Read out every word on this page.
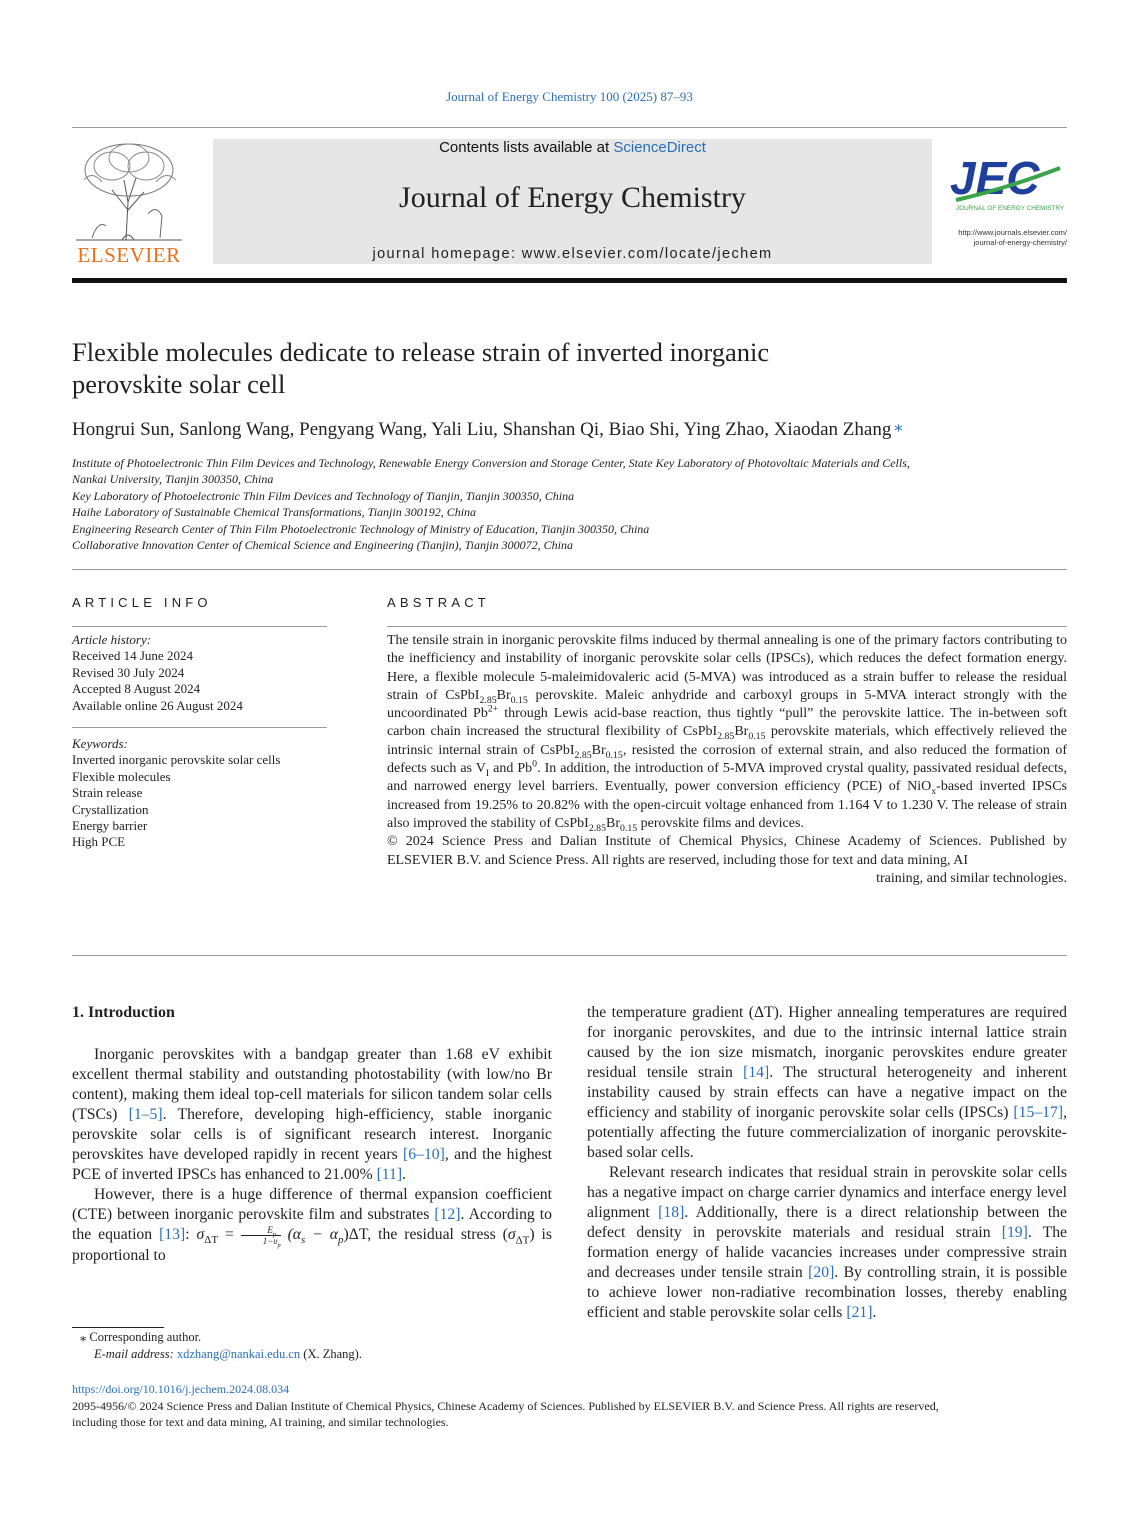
Journal of Energy Chemistry 100 (2025) 87–93
ELSEVIER
Contents lists available at ScienceDirect
Journal of Energy Chemistry
journal homepage: www.elsevier.com/locate/jechem
JEC
JOURNAL OF ENERGY CHEMISTRY
http://www.journals.elsevier.com/
journal-of-energy-chemistry/
Flexible molecules dedicate to release strain of inverted inorganic
perovskite solar cell
Hongrui Sun, Sanlong Wang, Pengyang Wang, Yali Liu, Shanshan Qi, Biao Shi, Ying Zhao, Xiaodan Zhang ⁎
Institute of Photoelectronic Thin Film Devices and Technology, Renewable Energy Conversion and Storage Center, State Key Laboratory of Photovoltaic Materials and Cells,
Nankai University, Tianjin 300350, China
Key Laboratory of Photoelectronic Thin Film Devices and Technology of Tianjin, Tianjin 300350, China
Haihe Laboratory of Sustainable Chemical Transformations, Tianjin 300192, China
Engineering Research Center of Thin Film Photoelectronic Technology of Ministry of Education, Tianjin 300350, China
Collaborative Innovation Center of Chemical Science and Engineering (Tianjin), Tianjin 300072, China
ARTICLE INFO
Article history:
Received 14 June 2024
Revised 30 July 2024
Accepted 8 August 2024
Available online 26 August 2024
Keywords:
Inverted inorganic perovskite solar cells
Flexible molecules
Strain release
Crystallization
Energy barrier
High PCE
ABSTRACT

The tensile strain in inorganic perovskite films induced by thermal annealing is one of the primary factors contributing to the inefficiency and instability of inorganic perovskite solar cells (IPSCs), which reduces the defect formation energy. Here, a flexible molecule 5-maleimidovaleric acid (5-MVA) was introduced as a strain buffer to release the residual strain of $CsPbI_{2.85}Br_{0.15}$ perovskite. Maleic anhydride and carboxyl groups in 5-MVA interact strongly with the uncoordinated $Pb^{2+}$ through Lewis acid-base reaction, thus tightly “pull” the perovskite lattice. The in-between soft carbon chain increased the structural flexibility of $CsPbI_{2.85}Br_{0.15}$ perovskite materials, which effectively relieved the intrinsic internal strain of $CsPbI_{2.85}Br_{0.15}$, resisted the corrosion of external strain, and also reduced the formation of defects such as $V_I$ and Pb$^0$. In addition, the introduction of 5-MVA improved crystal quality, passivated residual defects, and narrowed energy level barriers. Eventually, power conversion efficiency (PCE) of NiO$_x$-based inverted IPSCs increased from 19.25% to 20.82% with the open-circuit voltage enhanced from 1.164 V to 1.230 V. The release of strain also improved the stability of $CsPbI_{2.85}Br_{0.15}$ perovskite films and devices.

© 2024 Science Press and Dalian Institute of Chemical Physics, Chinese Academy of Sciences. Published by ELSEVIER B.V. and Science Press. All rights are reserved, including those for text and data mining, AI

training, and similar technologies.

1. Introduction

Inorganic perovskites with a bandgap greater than 1.68 eV exhibit excellent thermal stability and outstanding photostability (with low/no Br content), making them ideal top-cell materials for silicon tandem solar cells (TSCs) [1–5]. Therefore, developing high-efficiency, stable inorganic perovskite solar cells is of significant research interest. Inorganic perovskites have developed rapidly in recent years [6–10], and the highest PCE of inverted IPSCs has enhanced to 21.00% [11].

However, there is a huge difference of thermal expansion coefficient (CTE) between inorganic perovskite film and substrates [12]. According to the equation [13]: $\sigma_{\Delta T} = \frac{E_p}{1-\upsilon_p} (\alpha_s - \alpha_p)\Delta T$, the residual stress $(\sigma_{\Delta T})$ is proportional to

⁎ Corresponding author.
E-mail address: xdzhang@nankai.edu.cn (X. Zhang).

the temperature gradient (ΔT). Higher annealing temperatures are required for inorganic perovskites, and due to the intrinsic internal lattice strain caused by the ion size mismatch, inorganic perovskites endure greater residual tensile strain [14]. The structural heterogeneity and inherent instability caused by strain effects can have a negative impact on the efficiency and stability of inorganic perovskite solar cells (IPSCs) [15–17], potentially affecting the future commercialization of inorganic perovskite-based solar cells.

Relevant research indicates that residual strain in perovskite solar cells has a negative impact on charge carrier dynamics and interface energy level alignment [18]. Additionally, there is a direct relationship between the defect density in perovskite materials and residual strain [19]. The formation energy of halide vacancies increases under compressive strain and decreases under tensile strain [20]. By controlling strain, it is possible to achieve lower non-radiative recombination losses, thereby enabling efficient and stable perovskite solar cells [21].

https://doi.org/10.1016/j.jechem.2024.08.034
2095-4956/© 2024 Science Press and Dalian Institute of Chemical Physics, Chinese Academy of Sciences. Published by ELSEVIER B.V. and Science Press. All rights are reserved,
including those for text and data mining, AI training, and similar technologies.
